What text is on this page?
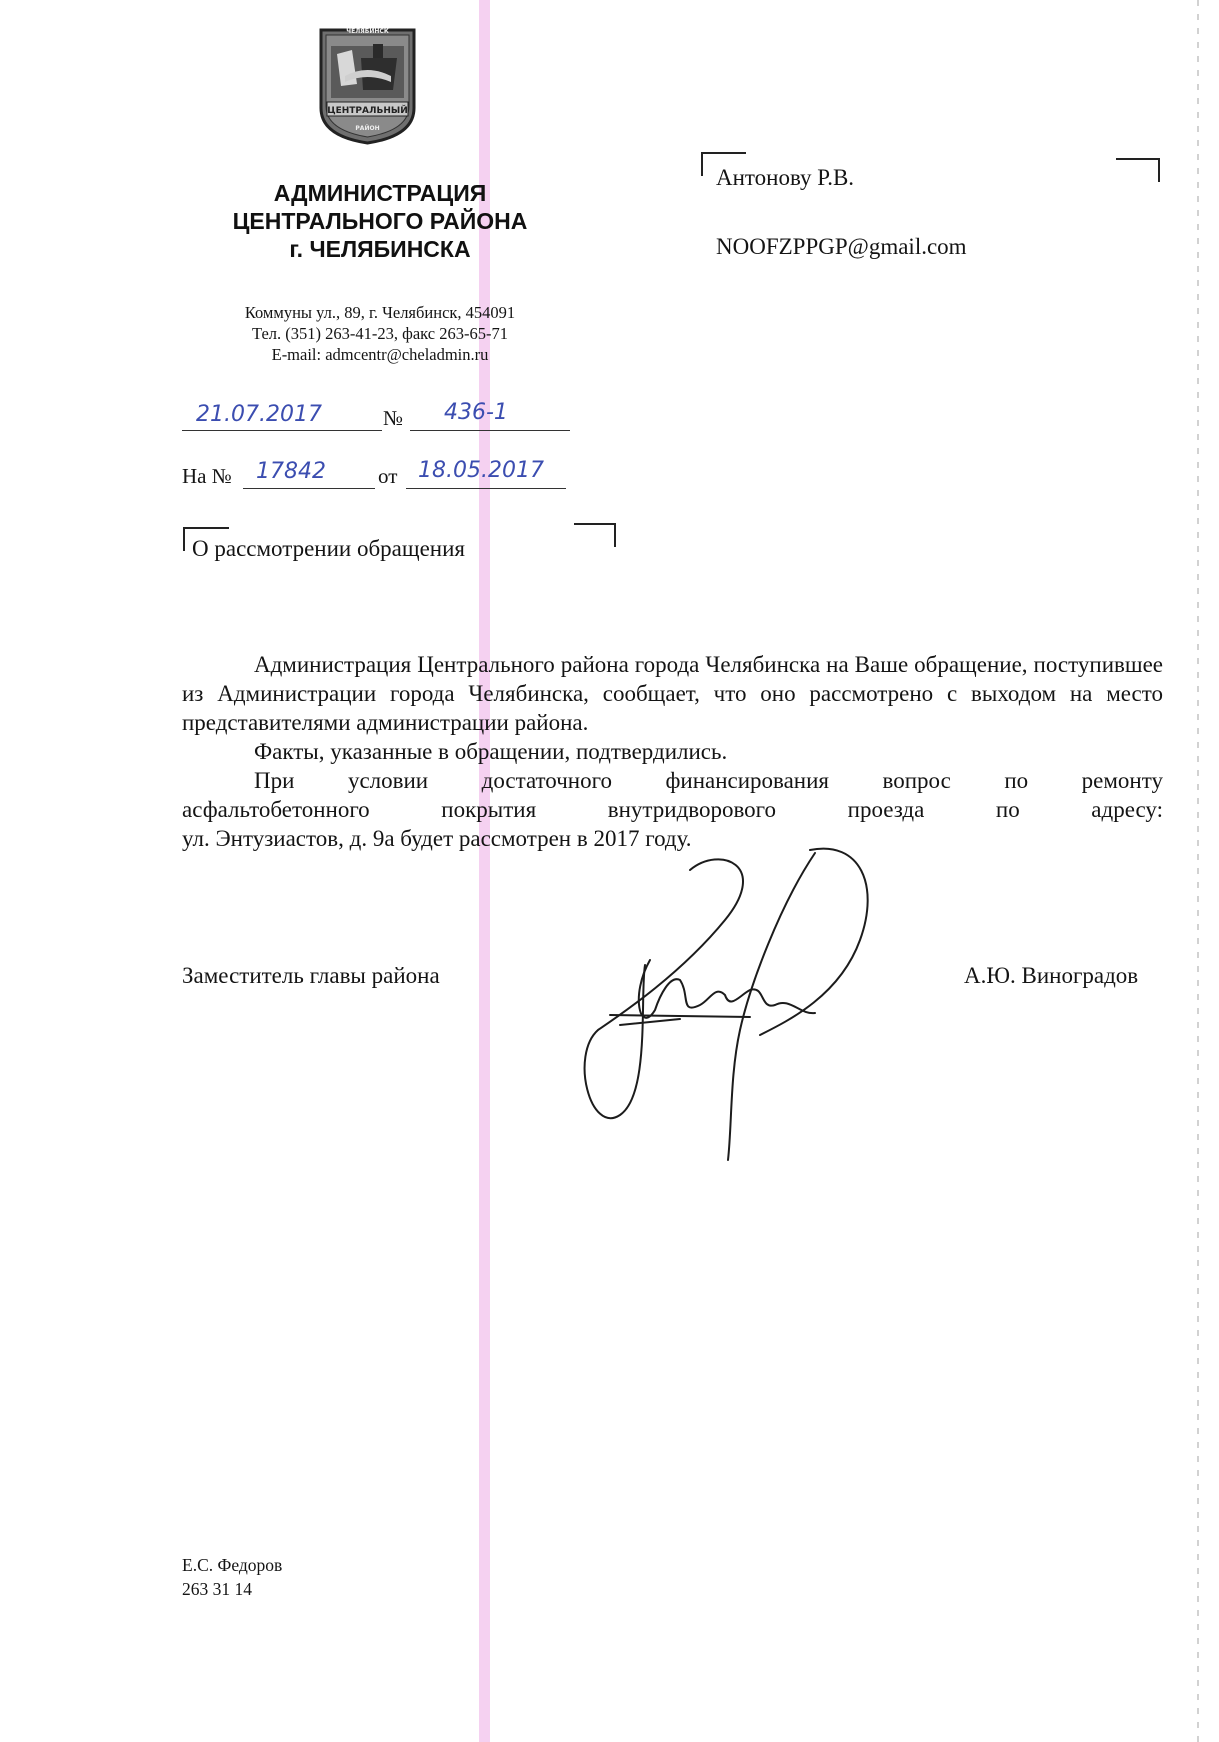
ЧЕЛЯБИНСК
ЦЕНТРАЛЬНЫЙ
РАЙОН
АДМИНИСТРАЦИЯ
ЦЕНТРАЛЬНОГО РАЙОНА
г. ЧЕЛЯБИНСКА
Коммуны ул., 89, г. Челябинск, 454091
Тел. (351) 263-41-23, факс 263-65-71
E-mail: admcentr@cheladmin.ru
21.07.2017	№ 436-1
На № 17842 от 18.05.2017
О рассмотрении обращения
Антонову Р.В.
NOOFZPPGP@gmail.com

Администрация Центрального района города Челябинска на Ваше обращение, поступившее из Администрации города Челябинска, сообщает, что оно рассмотрено с выходом на место представителями администрации района.

Факты, указанные в обращении, подтвердились.

При условии достаточного финансирования вопрос по ремонту
асфальтобетонного покрытия внутридворового проезда по адресу:
ул. Энтузиастов, д. 9а будет рассмотрен в 2017 году.
Заместитель главы района	А.Ю. Виноградов
Е.С. Федоров
263 31 14
